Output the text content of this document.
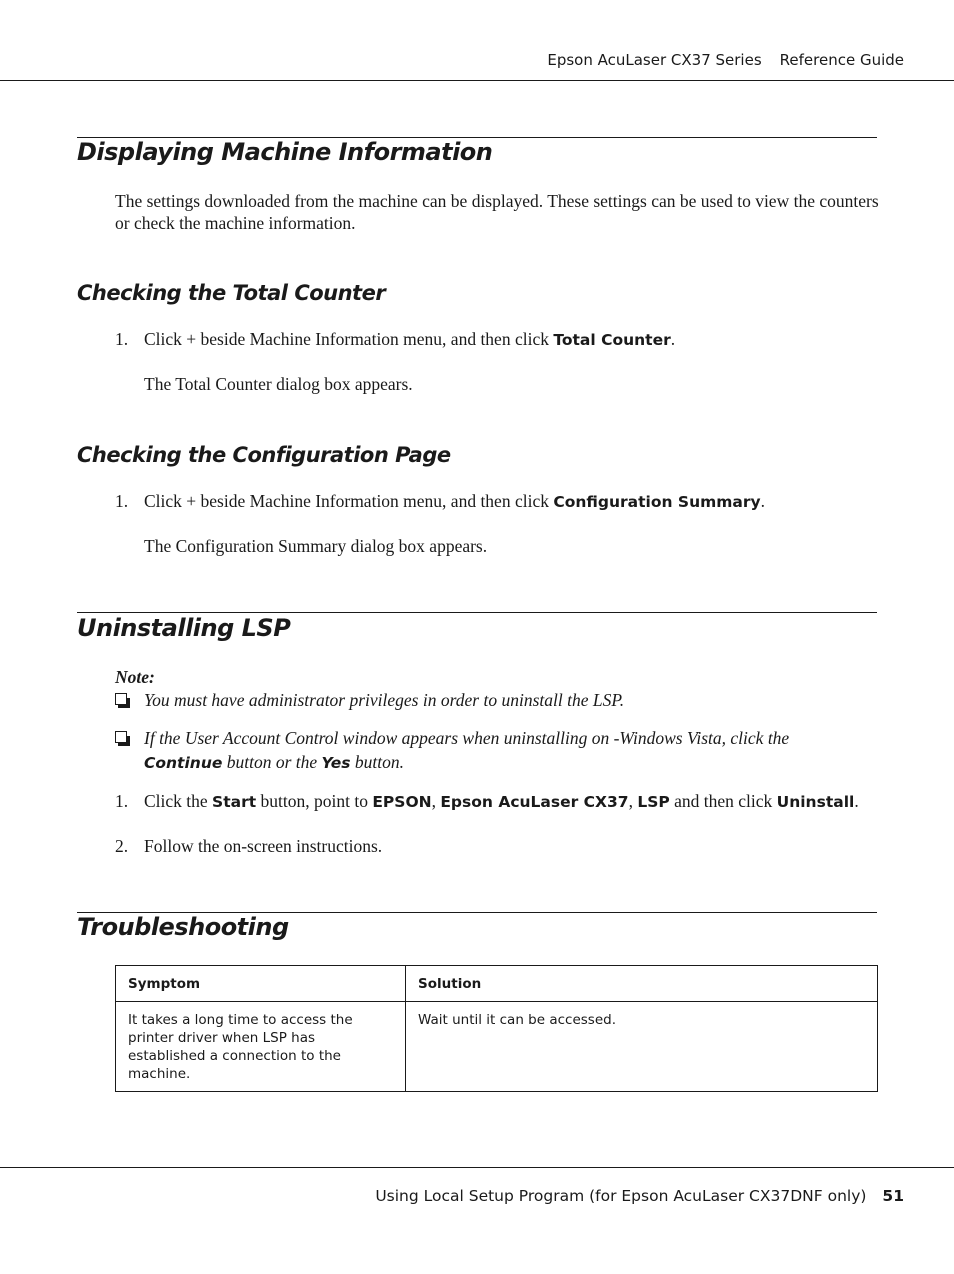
Epson AcuLaser CX37 Series Reference Guide
Displaying Machine Information

The settings downloaded from the machine can be displayed. These settings can be used to view the counters or check the machine information.

Checking the Total Counter
1. Click + beside Machine Information menu, and then click Total Counter.
The Total Counter dialog box appears.
Checking the Configuration Page
1. Click + beside Machine Information menu, and then click Configuration Summary.
The Configuration Summary dialog box appears.
Uninstalling LSP
Note:
You must have administrator privileges in order to uninstall the LSP.
If the User Account Control window appears when uninstalling on -Windows Vista, click the
Continue button or the Yes button.
1. Click the Start button, point to EPSON, Epson AcuLaser CX37, LSP and then click Uninstall.
2. Follow the on-screen instructions.
Troubleshooting
Symptom	Solution
It takes a long time to access the printer driver when LSP has established a connection to the machine.	Wait until it can be accessed.
Using Local Setup Program (for Epson AcuLaser CX37DNF only) 51
